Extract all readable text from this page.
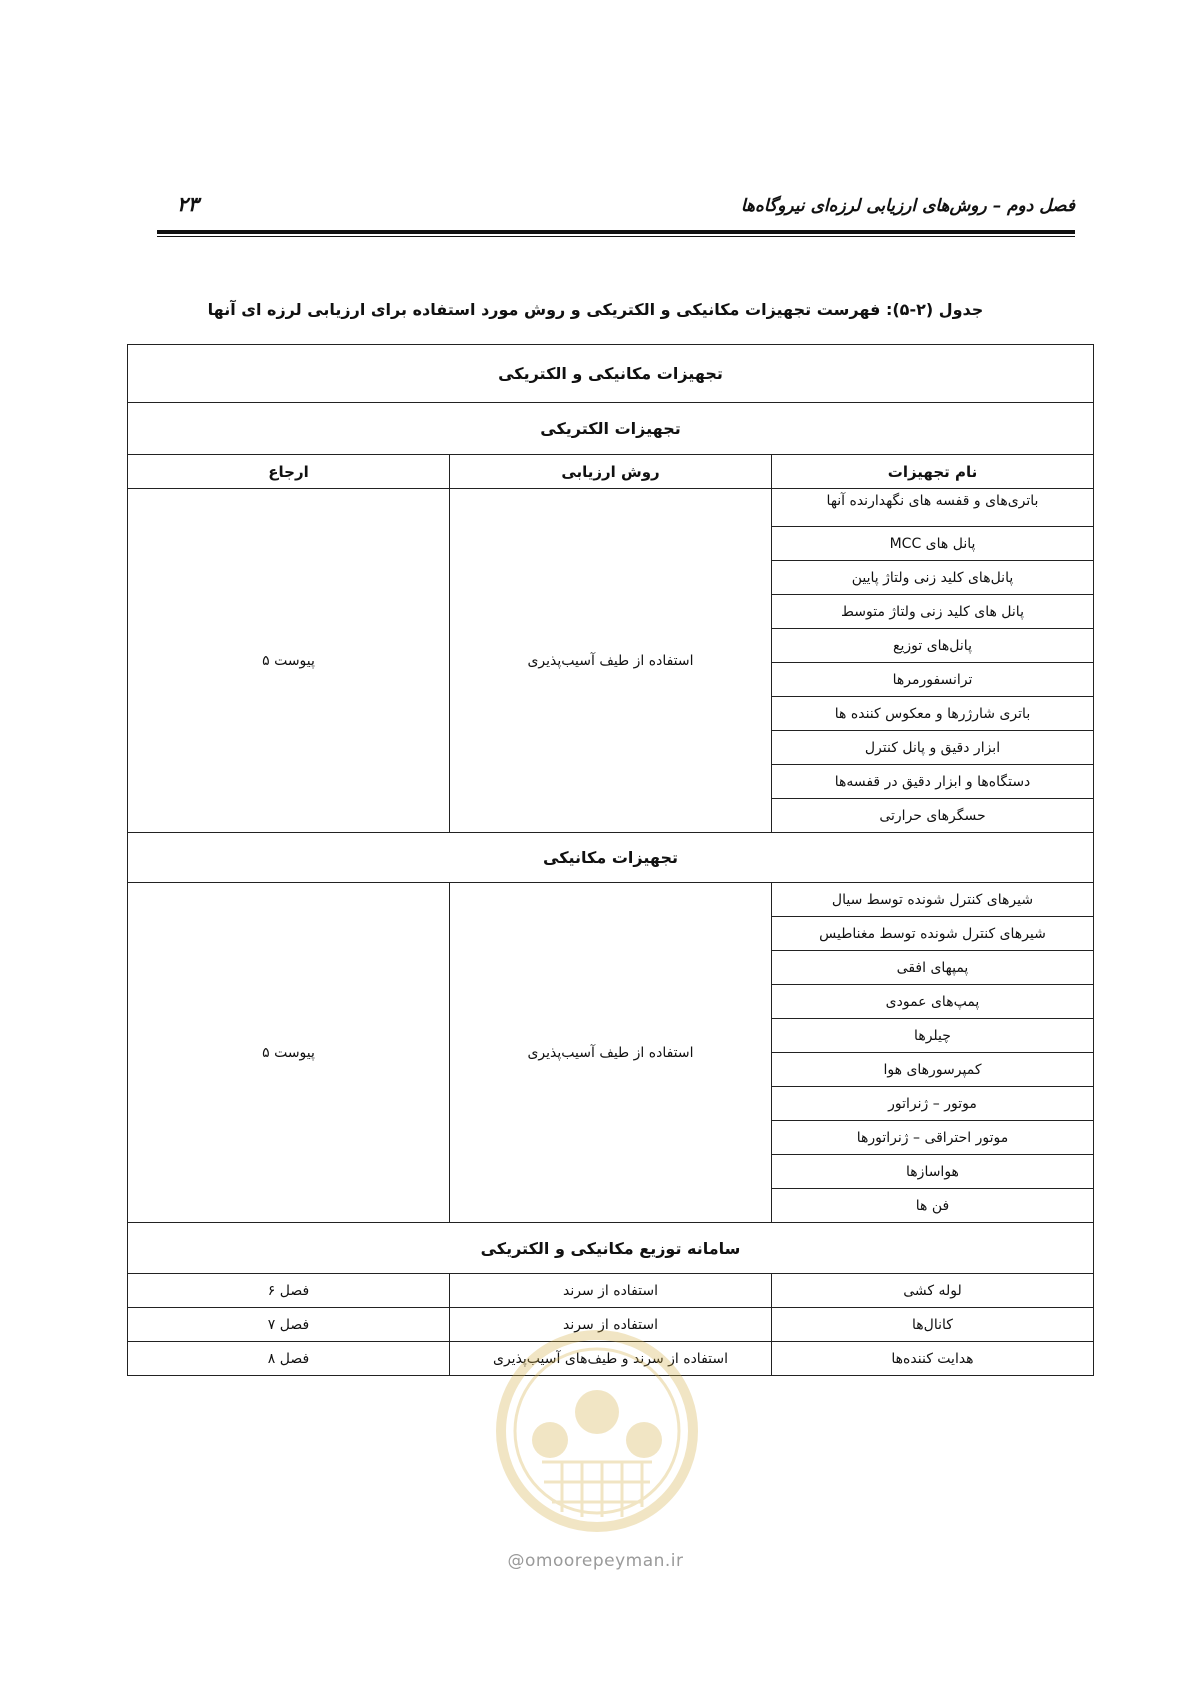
فصل دوم – روش‌های ارزیابی لرزه‌ای نیروگاه‌ها
۲۳
جدول (۲-۵): فهرست تجهیزات مکانیکی و الکتریکی و روش مورد استفاده برای ارزیابی لرزه ای آنها
تجهیزات مکانیکی و الکتریکی		
تجهیزات الکتریکی		
نام تجهیزات	روش ارزیابی	ارجاع
باتری‌های و قفسه های نگهدارنده آنها	استفاده از طیف آسیب‌پذیری	پیوست ۵
پانل های MCC		
پانل‌های کلید زنی ولتاژ پایین		
پانل های کلید زنی ولتاژ متوسط		
پانل‌های توزیع		
ترانسفورمرها		
باتری شارژرها و معکوس کننده ها		
ابزار دقیق و پانل کنترل		
دستگاه‌ها و ابزار دقیق در قفسه‌ها		
حسگرهای حرارتی		
تجهیزات مکانیکی		
شیرهای کنترل شونده توسط سیال	استفاده از طیف آسیب‌پذیری	پیوست ۵
شیرهای کنترل شونده توسط مغناطیس		
پمپهای افقی		
پمپ‌های عمودی		
چیلرها		
کمپرسورهای هوا		
موتور – ژنراتور		
موتور احتراقی – ژنراتورها		
هواسازها		
فن ها		
سامانه توزیع مکانیکی و الکتریکی		
لوله کشی	استفاده از سرند	فصل ۶
کانال‌ها	استفاده از سرند	فصل ۷
هدایت کننده‌ها	استفاده از سرند و طیف‌های آسیب‌پذیری	فصل ۸
@omoorepeyman.ir
